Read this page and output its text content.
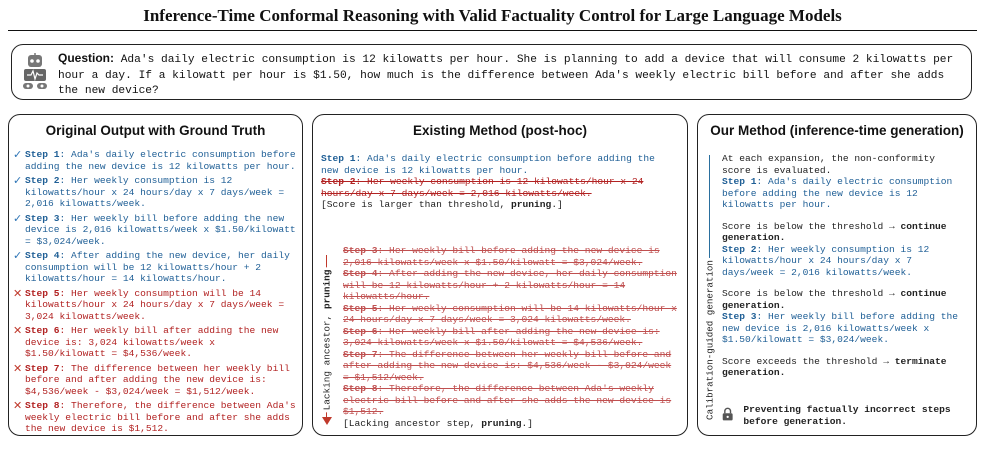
Inference-Time Conformal Reasoning with Valid Factuality Control for Large Language Models
Question: Ada's daily electric consumption is 12 kilowatts per hour. She is planning to add a device that will consume 2 kilowatts per hour a day. If a kilowatt per hour is $1.50, how much is the difference between Ada's weekly electric bill before and after she adds the new device?
Original Output with Ground Truth
✓ Step 1: Ada's daily electric consumption before adding the new device is 12 kilowatts per hour.
✓ Step 2: Her weekly consumption is 12 kilowatts/hour x 24 hours/day x 7 days/week = 2,016 kilowatts/week.
✓ Step 3: Her weekly bill before adding the new device is 2,016 kilowatts/week x $1.50/kilowatt = $3,024/week.
✓ Step 4: After adding the new device, her daily consumption will be 12 kilowatts/hour + 2 kilowatts/hour = 14 kilowatts/hour.
✕ Step 5: Her weekly consumption will be 14 kilowatts/hour x 24 hours/day x 7 days/week = 3,024 kilowatts/week.
✕ Step 6: Her weekly bill after adding the new device is: 3,024 kilowatts/week x $1.50/kilowatt = $4,536/week.
✕ Step 7: The difference between her weekly bill before and after adding the new device is: $4,536/week - $3,024/week = $1,512/week.
✕ Step 8: Therefore, the difference between Ada's weekly electric bill before and after she adds the new device is $1,512.
Existing Method (post-hoc)
Step 1: Ada's daily electric consumption before adding the new device is 12 kilowatts per hour.
Step 2: Her weekly consumption is 12 kilowatts/hour x 24 hours/day x 7 days/week = 2,016 kilowatts/week.
[Score is larger than threshold, pruning.]
Lacking ancestor, pruning
Step 3: Her weekly bill before adding the new device is 2,016 kilowatts/week x $1.50/kilowatt = $3,024/week.
Step 4: After adding the new device, her daily consumption will be 12 kilowatts/hour + 2 kilowatts/hour = 14 kilowatts/hour.
Step 5: Her weekly consumption will be 14 kilowatts/hour x 24 hours/day x 7 days/week = 3,024 kilowatts/week.
Step 6: Her weekly bill after adding the new device is: 3,024 kilowatts/week x $1.50/kilowatt = $4,536/week.
Step 7: The difference between her weekly bill before and after adding the new device is: $4,536/week - $3,024/week = $1,512/week.
Step 8: Therefore, the difference between Ada's weekly electric bill before and after she adds the new device is $1,512.
[Lacking ancestor step, pruning.]
Our Method (inference-time generation)
Calibration-guided generation

At each expansion, the non-conformity score is evaluated.

Step 1: Ada's daily electric consumption before adding the new device is 12 kilowatts per hour.

Score is below the threshold → continue generation.

Step 2: Her weekly consumption is 12 kilowatts/hour x 24 hours/day x 7 days/week = 2,016 kilowatts/week.

Score is below the threshold → continue generation.

Step 3: Her weekly bill before adding the new device is 2,016 kilowatts/week x $1.50/kilowatt = $3,024/week.

Score exceeds the threshold → terminate generation.

Preventing factually incorrect steps before generation.
